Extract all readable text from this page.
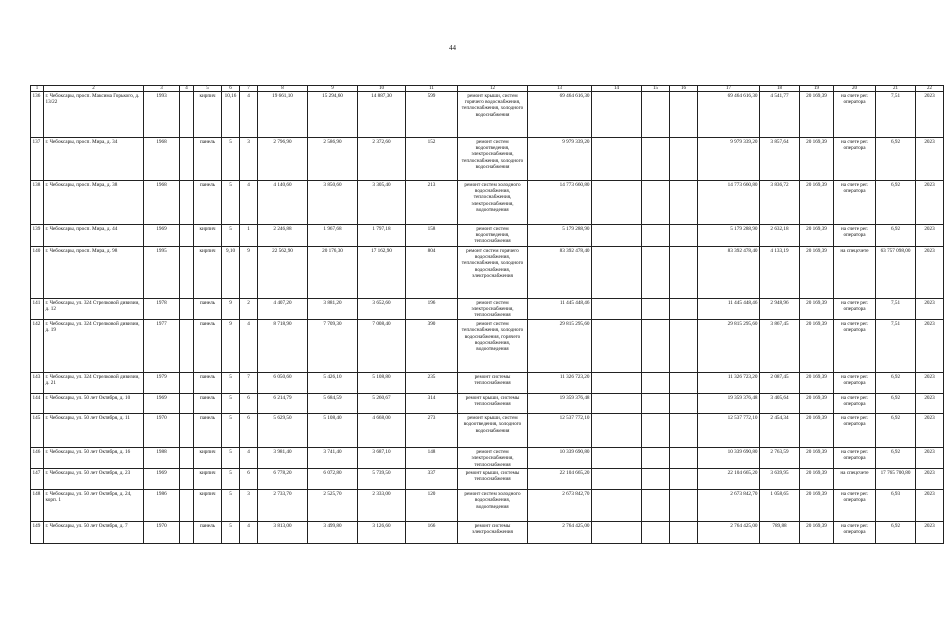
44
1	2	3	4	5	6	7	8	9	10	11	12	13	14	15	16	17	18	19	20	21	22
136	г. Чебоксары, просп. Максима Горького, д. 13/22	1993		кирпич	10,16	4	19 661,10	15 294,60	14 887,30	599	ремонт крыши, систем горячего водоснабжения, теплоснабжения, холодного водоснабжения	69 464 616,30				69 464 616,30	4 541,77	20 169,39	на счете рег. оператора	7,51	2023
137	г. Чебоксары, просп. Мира, д. 34	1968		панель	5	3	2 796,90	2 586,90	2 372,60	152	ремонт систем водоотведения, электроснабжения, теплоснабжения, холодного водоснабжения	9 979 339,20				9 979 339,20	3 857,64	20 169,39	на счете рег. оператора	6,92	2023
138	г. Чебоксары, просп. Мира, д. 38	1968		панель	5	4	4 140,60	3 850,60	3 305,40	213	ремонт систем холодного водоснабжения, теплоснабжения, электроснабжения, водоотведения	14 773 660,80				14 773 660,80	3 836,72	20 169,39	на счете рег. оператора	6,92	2023
139	г. Чебоксары, просп. Мира, д. 44	1969		кирпич	5	1	2 246,88	1 967,68	1 797,18	158	ремонт систем водоотведения, теплоснабжения	5 179 288,90				5 179 288,90	2 632,18	20 169,39	на счете рег. оператора	6,92	2023
140	г. Чебоксары, просп. Мира, д. 98	1995		кирпич	9,10	9	22 562,90	20 176,30	17 162,90	804	ремонт систем горячего водоснабжения, теплоснабжения, холодного водоснабжения, электроснабжения	83 392 478,40				83 392 478,40	4 133,19	20 169,39	на спецсчете	63 757 098,00	2023
141	г. Чебоксары, ул. 324 Стрелковой дивизии, д. 12	1978		панель	9	2	4 407,20	3 881,20	3 652,60	196	ремонт систем электроснабжения, теплоснабжения	11 445 448,46				11 445 448,46	2 948,96	20 169,39	на счете рег. оператора	7,51	2023
142	г. Чебоксары, ул. 324 Стрелковой дивизии, д. 19	1977		панель	9	4	8 718,90	7 709,30	7 008,40	390	ремонт систем теплоснабжения, холодного водоснабжения, горячего водоснабжения, водоотведения	29 815 295,60				29 815 295,60	3 867,45	20 169,39	на счете рег. оператора	7,51	2023
143	г. Чебоксары, ул. 324 Стрелковой дивизии, д. 21	1979		панель	5	7	6 050,60	5 426,10	5 108,80	235	ремонт системы теплоснабжения	11 326 723,20				11 326 723,20	2 087,45	20 169,39	на счете рег. оператора	6,92	2023
144	г. Чебоксары, ул. 50 лет Октября, д. 10	1969		панель	5	6	6 214,79	5 684,59	5 260,67	314	ремонт крыши, системы теплоснабжения	19 359 376,48				19 359 376,48	3 405,64	20 169,39	на счете рег. оператора	6,92	2023
145	г. Чебоксары, ул. 50 лет Октября, д. 11	1970		панель	5	6	5 629,50	5 108,40	4 668,00	273	ремонт крыши, систем водоотведения, холодного водоснабжения	12 537 772,10				12 537 772,10	2 454,34	20 169,39	на счете рег. оператора	6,92	2023
146	г. Чебоксары, ул. 50 лет Октября, д. 16	1988		кирпич	5	4	3 981,40	3 741,40	3 687,10	148	ремонт систем электроснабжения, теплоснабжения	10 339 690,80				10 339 690,80	2 763,59	20 169,39	на счете рег. оператора	6,92	2023
147	г. Чебоксары, ул. 50 лет Октября, д. 23	1969		кирпич	5	6	6 778,20	6 072,80	5 739,50	337	ремонт крыши, системы теплоснабжения	22 104 665,20				22 104 665,20	3 639,95	20 169,39	на спецсчете	17 765 700,80	2023
148	г. Чебоксары, ул. 50 лет Октября, д. 24, корп. 1	1986		кирпич	5	3	2 733,70	2 525,70	2 333,00	120	ремонт систем холодного водоснабжения, водоотведения	2 673 842,70				2 673 842,70	1 058,65	20 169,39	на счете рег. оператора	6,93	2023
149	г. Чебоксары, ул. 50 лет Октября, д. 7	1970		панель	5	4	3 813,00	3 499,80	3 126,60	166	ремонт системы электроснабжения	2 764 425,00				2 764 425,00	789,88	20 169,39	на счете рег. оператора	6,92	2023
